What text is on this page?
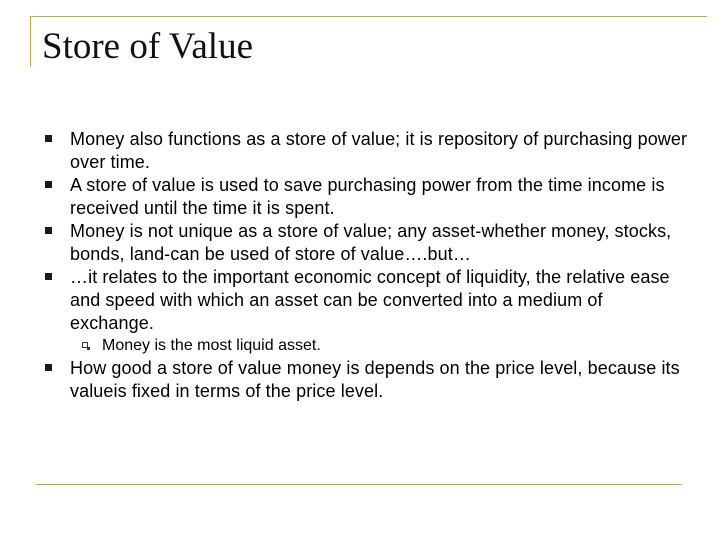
Store of Value
Money also functions as a store of value; it is repository of purchasing power over time.
A store of value is used to save purchasing power from the time income is received until the time it is spent.
Money is not unique as a store of value; any asset-whether money, stocks, bonds, land-can be used of store of value….but…
…it relates to the important economic concept of liquidity, the relative ease and speed with which an asset can be converted into a medium of exchange.
Money is the most liquid asset.
How good a store of value money is depends on the price level, because its valueis fixed in terms of the price level.
